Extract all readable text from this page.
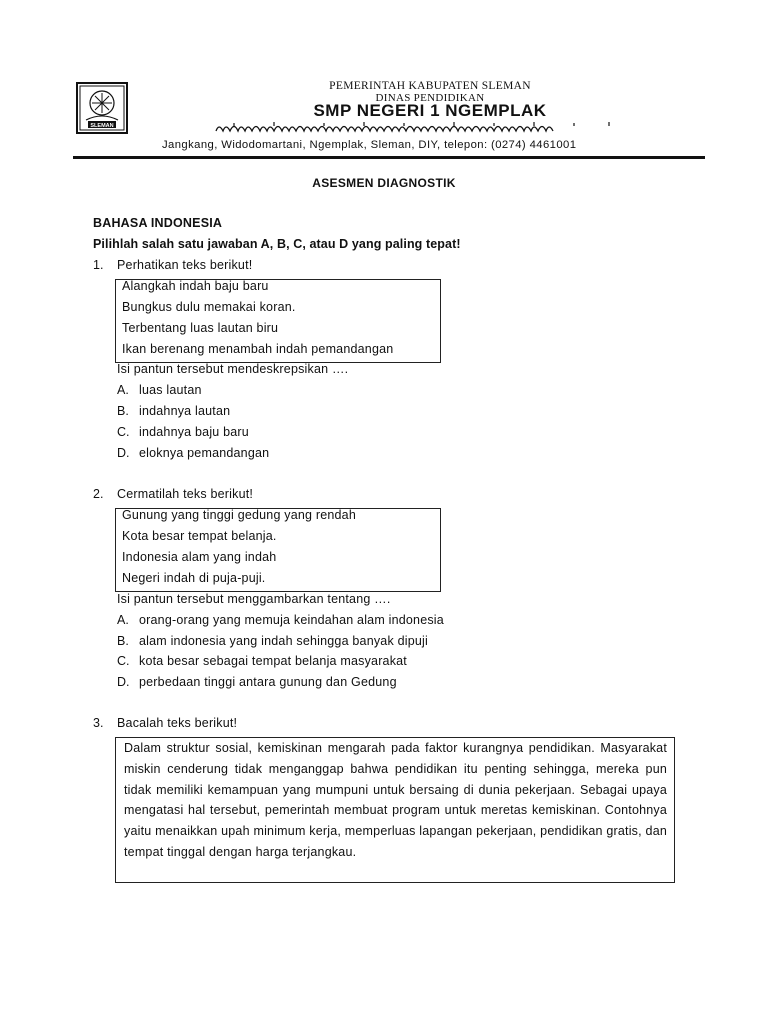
SLEMAN
PEMERINTAH KABUPATEN SLEMAN
DINAS PENDIDIKAN
SMP NEGERI 1 NGEMPLAK
Jangkang, Widodomartani, Ngemplak, Sleman, DIY, telepon: (0274) 4461001
ASESMEN DIAGNOSTIK
BAHASA INDONESIA
Pilihlah salah satu jawaban A, B, C, atau D yang paling tepat!
1. Perhatikan teks berikut!
Alangkah indah baju baru
Bungkus dulu memakai koran.
Terbentang luas lautan biru
Ikan berenang menambah indah pemandangan
Isi pantun tersebut mendeskrepsikan ….
A. luas lautan
B. indahnya lautan
C. indahnya baju baru
D. eloknya pemandangan
2. Cermatilah teks berikut!
Gunung yang tinggi gedung yang rendah
Kota besar tempat belanja.
Indonesia alam yang indah
Negeri indah di puja-puji.
Isi pantun tersebut menggambarkan tentang ….
A. orang-orang yang memuja keindahan alam indonesia
B. alam indonesia yang indah sehingga banyak dipuji
C. kota besar sebagai tempat belanja masyarakat
D. perbedaan tinggi antara gunung dan Gedung
3. Bacalah teks berikut!
Dalam struktur sosial, kemiskinan mengarah pada faktor kurangnya pendidikan. Masyarakat miskin cenderung tidak menganggap bahwa pendidikan itu penting sehingga, mereka pun tidak memiliki kemampuan yang mumpuni untuk bersaing di dunia pekerjaan. Sebagai upaya mengatasi hal tersebut, pemerintah membuat program untuk meretas kemiskinan. Contohnya yaitu menaikkan upah minimum kerja, memperluas lapangan pekerjaan, pendidikan gratis, dan tempat tinggal dengan harga terjangkau.
